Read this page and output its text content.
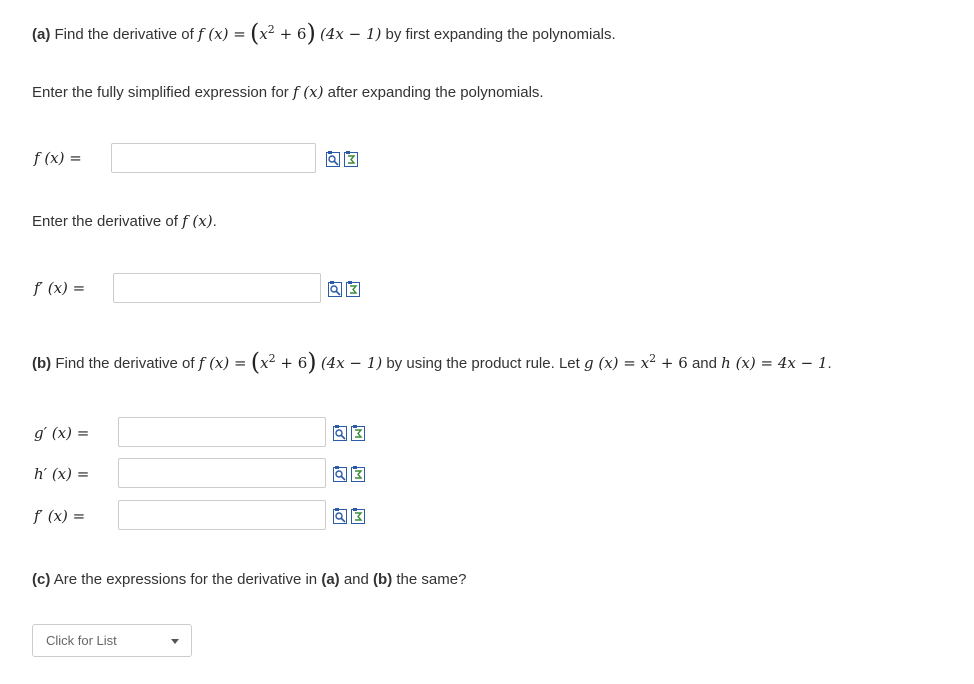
(a) Find the derivative of f $(x) = (x^2 + 6) (4x - 1)$ by first expanding the polynomials.
Enter the fully simplified expression for f (x) after expanding the polynomials.
f (x) =
Enter the derivative of f (x).
f′ (x) =
(b) Find the derivative of f $(x) = (x^2 + 6) (4x - 1)$ by using the product rule. Let g $(x) = x^2 + 6$ and h (x) = 4x − 1.
g′ (x) =
h′ (x) =
f′ (x) =
(c) Are the expressions for the derivative in (a) and (b) the same?
Click for List
